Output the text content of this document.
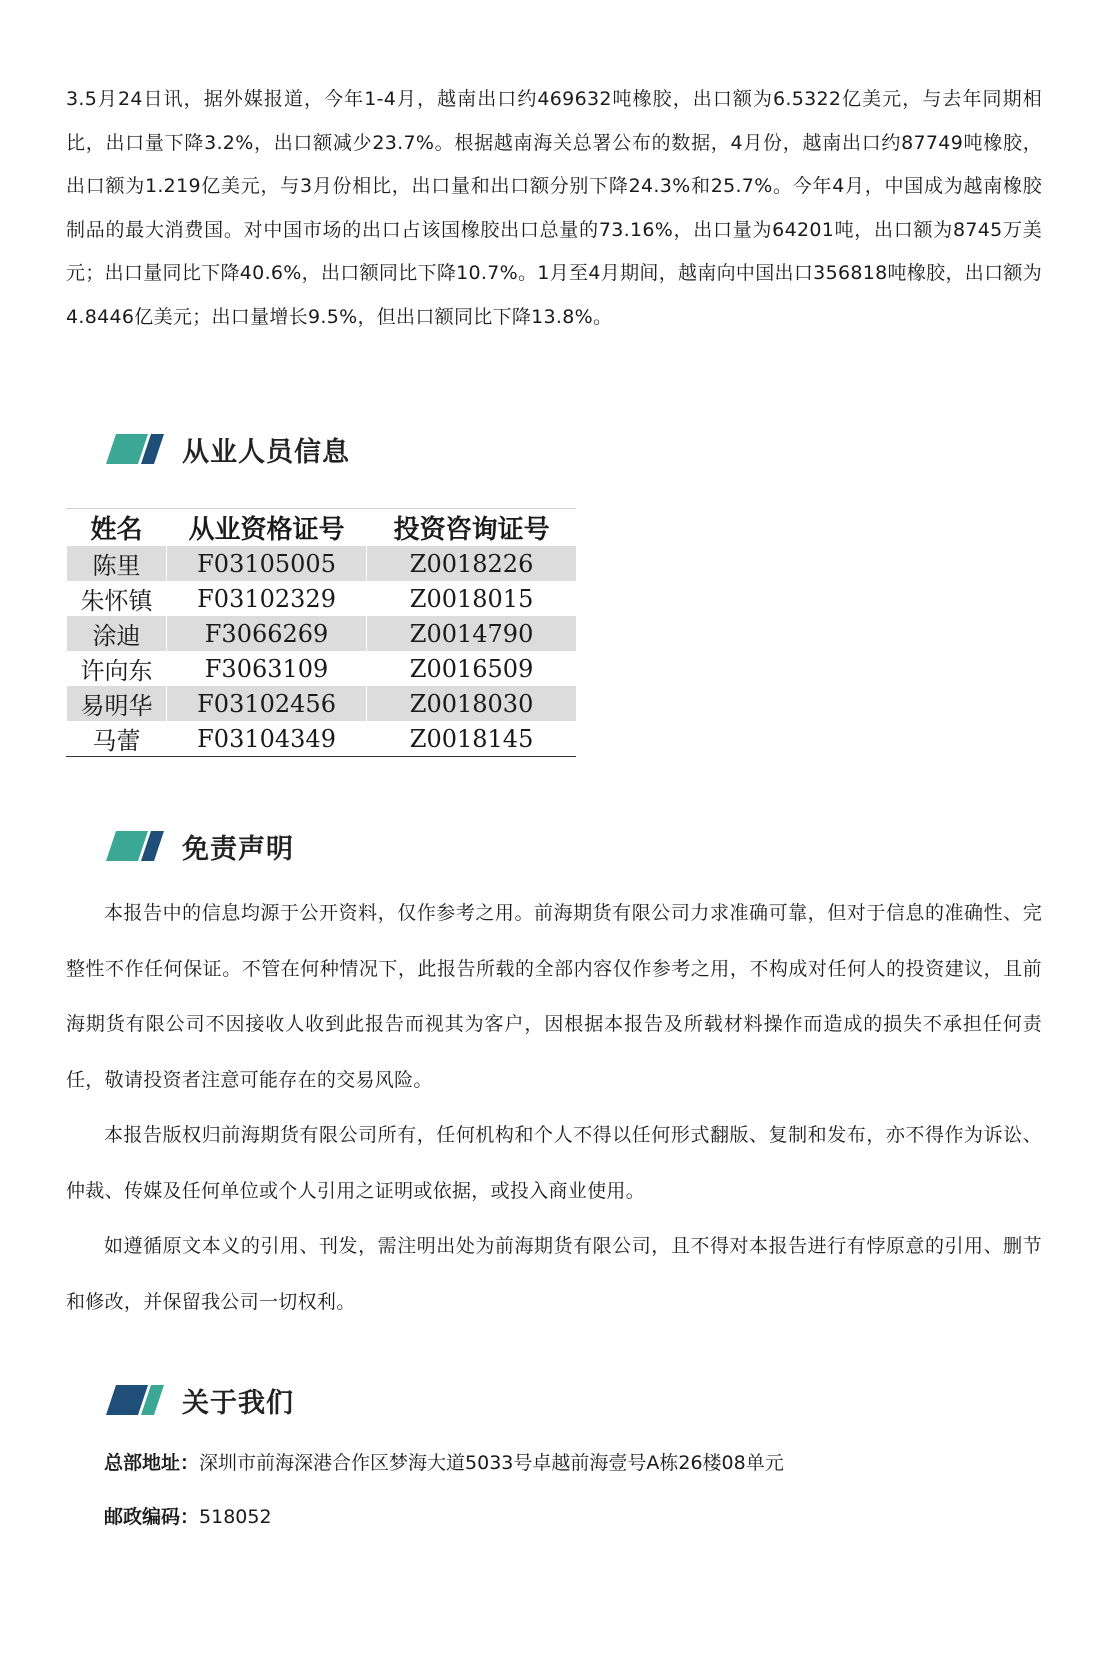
3.5月24日讯，据外媒报道，今年1-4月，越南出口约469632吨橡胶，出口额为6.5322亿美元，与去年同期相比，出口量下降3.2%，出口额减少23.7%。根据越南海关总署公布的数据，4月份，越南出口约87749吨橡胶，出口额为1.219亿美元，与3月份相比，出口量和出口额分别下降24.3%和25.7%。今年4月，中国成为越南橡胶制品的最大消费国。对中国市场的出口占该国橡胶出口总量的73.16%，出口量为64201吨，出口额为8745万美元；出口量同比下降40.6%，出口额同比下降10.7%。1月至4月期间，越南向中国出口356818吨橡胶，出口额为4.8446亿美元；出口量增长9.5%，但出口额同比下降13.8%。

从业人员信息
姓名	从业资格证号	投资咨询证号
陈里	F03105005	Z0018226
朱怀镇	F03102329	Z0018015
涂迪	F3066269	Z0014790
许向东	F3063109	Z0016509
易明华	F03102456	Z0018030
马蕾	F03104349	Z0018145
免责声明

本报告中的信息均源于公开资料，仅作参考之用。前海期货有限公司力求准确可靠，但对于信息的准确性、完整性不作任何保证。不管在何种情况下，此报告所载的全部内容仅作参考之用，不构成对任何人的投资建议，且前海期货有限公司不因接收人收到此报告而视其为客户，因根据本报告及所载材料操作而造成的损失不承担任何责任，敬请投资者注意可能存在的交易风险。

本报告版权归前海期货有限公司所有，任何机构和个人不得以任何形式翻版、复制和发布，亦不得作为诉讼、仲裁、传媒及任何单位或个人引用之证明或依据，或投入商业使用。

如遵循原文本义的引用、刊发，需注明出处为前海期货有限公司，且不得对本报告进行有悖原意的引用、删节和修改，并保留我公司一切权利。

关于我们
总部地址：深圳市前海深港合作区梦海大道5033号卓越前海壹号A栋26楼08单元
邮政编码：518052
